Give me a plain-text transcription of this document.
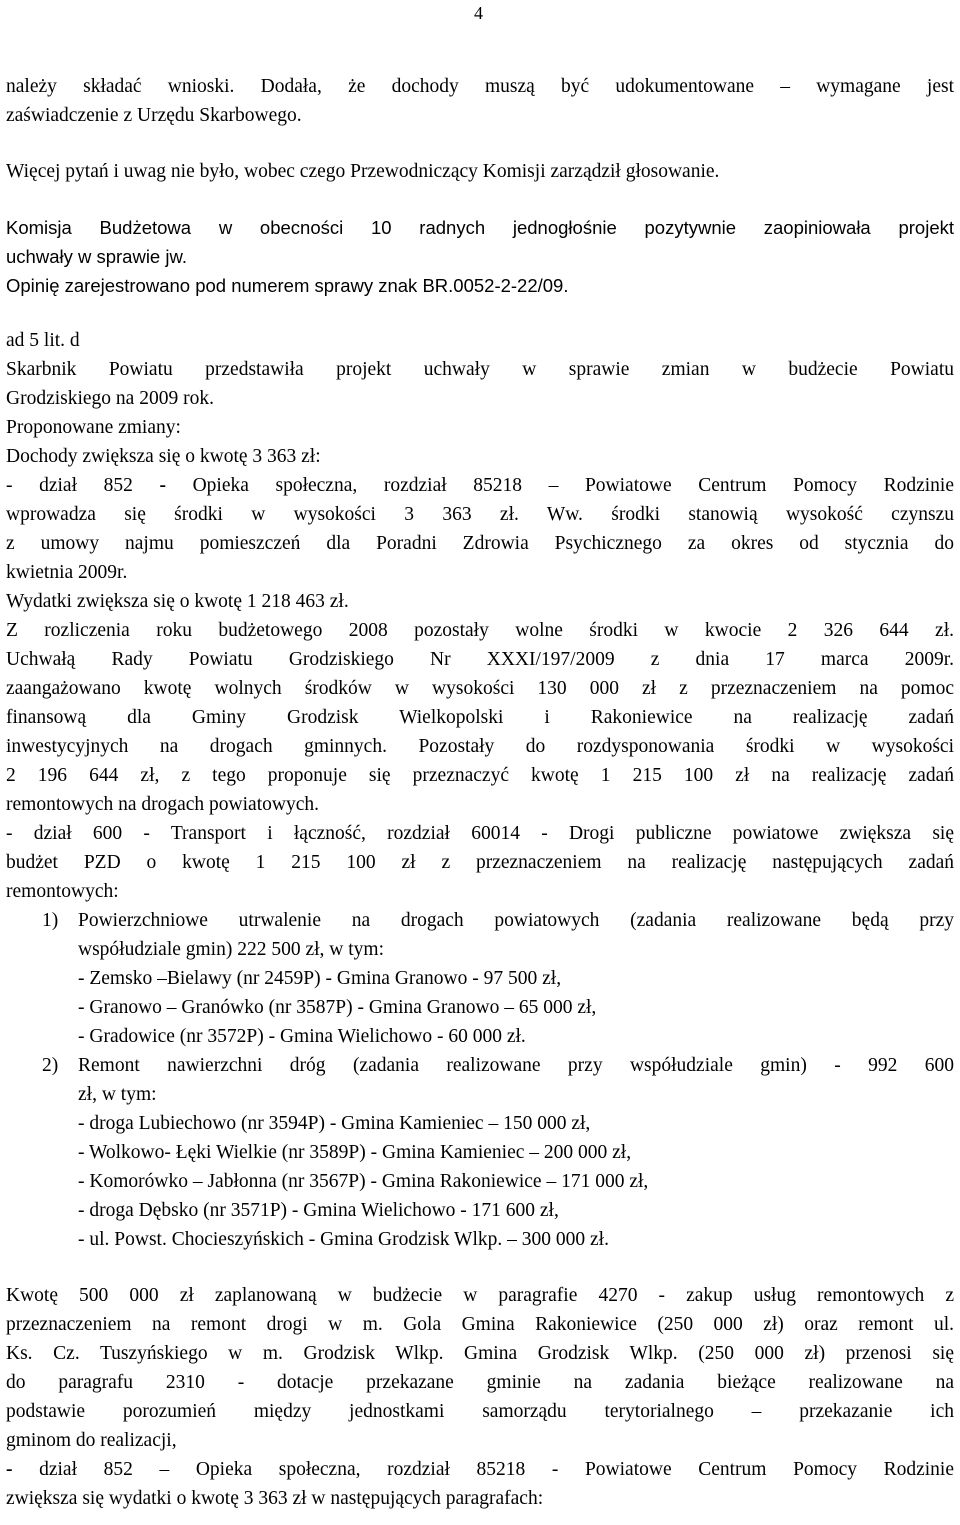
4

należy składać wnioski. Dodała, że dochody muszą być udokumentowane – wymagane jest

zaświadczenie z Urzędu Skarbowego.

Więcej pytań i uwag nie było, wobec czego Przewodniczący Komisji zarządził głosowanie.

Komisja Budżetowa w obecności 10 radnych jednogłośnie pozytywnie zaopiniowała projekt

uchwały w sprawie jw.

Opinię zarejestrowano pod numerem sprawy znak BR.0052-2-22/09.

ad 5 lit. d

Skarbnik Powiatu przedstawiła projekt uchwały w sprawie zmian w budżecie Powiatu

Grodziskiego na 2009 rok.

Proponowane zmiany:

Dochody zwiększa się o kwotę 3 363 zł:

- dział 852 - Opieka społeczna, rozdział 85218 – Powiatowe Centrum Pomocy Rodzinie

wprowadza się środki w wysokości 3 363 zł. Ww. środki stanowią wysokość czynszu

z umowy najmu pomieszczeń dla Poradni Zdrowia Psychicznego za okres od stycznia do

kwietnia 2009r.

Wydatki zwiększa się o kwotę 1 218 463 zł.

Z rozliczenia roku budżetowego 2008 pozostały wolne środki w kwocie 2 326 644 zł.

Uchwałą Rady Powiatu Grodziskiego Nr XXXI/197/2009 z dnia 17 marca 2009r.

zaangażowano kwotę wolnych środków w wysokości 130 000 zł z przeznaczeniem na pomoc

finansową dla Gminy Grodzisk Wielkopolski i Rakoniewice na realizację zadań

inwestycyjnych na drogach gminnych. Pozostały do rozdysponowania środki w wysokości

2 196 644 zł, z tego proponuje się przeznaczyć kwotę 1 215 100 zł na realizację zadań

remontowych na drogach powiatowych.

- dział 600 - Transport i łączność, rozdział 60014 - Drogi publiczne powiatowe zwiększa się

budżet PZD o kwotę 1 215 100 zł z przeznaczeniem na realizację następujących zadań

remontowych:

1) Powierzchniowe utrwalenie na drogach powiatowych (zadania realizowane będą przy
współudziale gmin) 222 500 zł, w tym:
- Zemsko –Bielawy (nr 2459P) - Gmina Granowo - 97 500 zł,
- Granowo – Granówko (nr 3587P) - Gmina Granowo – 65 000 zł,
- Gradowice (nr 3572P) - Gmina Wielichowo - 60 000 zł.
2) Remont nawierzchni dróg (zadania realizowane przy współudziale gmin) - 992 600
zł, w tym:
- droga Lubiechowo (nr 3594P) - Gmina Kamieniec – 150 000 zł,
- Wolkowo- Łęki Wielkie (nr 3589P) - Gmina Kamieniec – 200 000 zł,
- Komorówko – Jabłonna (nr 3567P) - Gmina Rakoniewice – 171 000 zł,
- droga Dębsko (nr 3571P) - Gmina Wielichowo - 171 600 zł,
- ul. Powst. Chocieszyńskich - Gmina Grodzisk Wlkp. – 300 000 zł.

Kwotę 500 000 zł zaplanowaną w budżecie w paragrafie 4270 - zakup usług remontowych z

przeznaczeniem na remont drogi w m. Gola Gmina Rakoniewice (250 000 zł) oraz remont ul.

Ks. Cz. Tuszyńskiego w m. Grodzisk Wlkp. Gmina Grodzisk Wlkp. (250 000 zł) przenosi się

do paragrafu 2310 - dotacje przekazane gminie na zadania bieżące realizowane na

podstawie porozumień między jednostkami samorządu terytorialnego – przekazanie ich

gminom do realizacji,

- dział 852 – Opieka społeczna, rozdział 85218 - Powiatowe Centrum Pomocy Rodzinie

zwiększa się wydatki o kwotę 3 363 zł w następujących paragrafach:
